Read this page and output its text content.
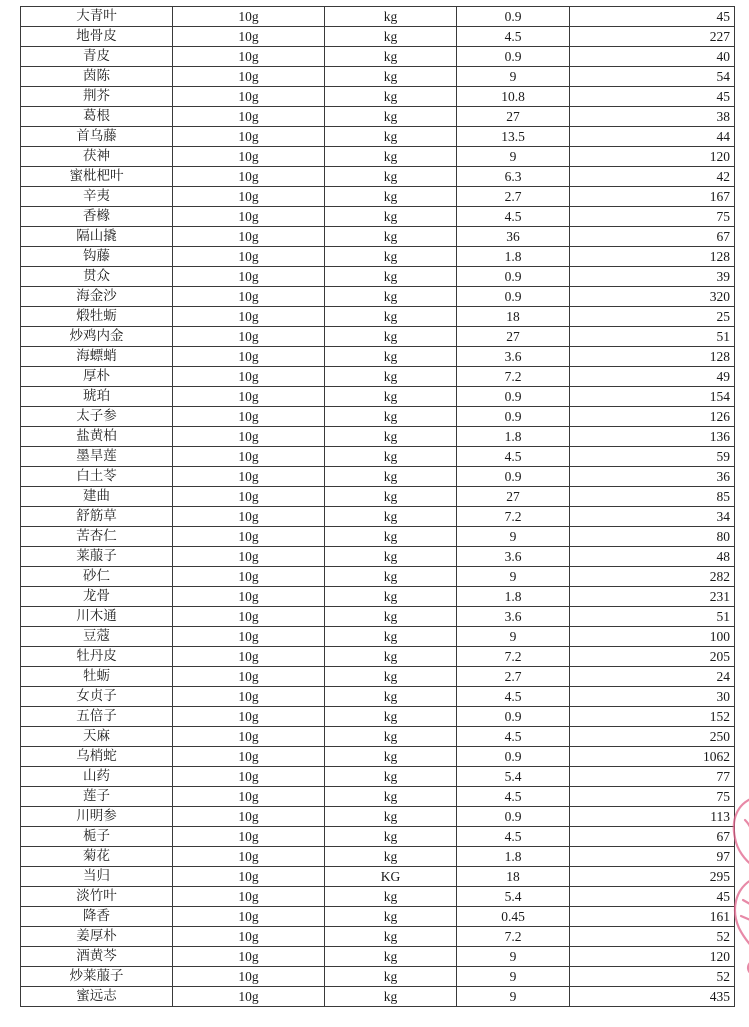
大青叶	10g	kg	0.9	45
地骨皮	10g	kg	4.5	227
青皮	10g	kg	0.9	40
茵陈	10g	kg	9	54
荆芥	10g	kg	10.8	45
葛根	10g	kg	27	38
首乌藤	10g	kg	13.5	44
茯神	10g	kg	9	120
蜜枇杷叶	10g	kg	6.3	42
辛夷	10g	kg	2.7	167
香橼	10g	kg	4.5	75
隔山撬	10g	kg	36	67
钩藤	10g	kg	1.8	128
贯众	10g	kg	0.9	39
海金沙	10g	kg	0.9	320
煅牡蛎	10g	kg	18	25
炒鸡内金	10g	kg	27	51
海螵蛸	10g	kg	3.6	128
厚朴	10g	kg	7.2	49
琥珀	10g	kg	0.9	154
太子参	10g	kg	0.9	126
盐黄柏	10g	kg	1.8	136
墨旱莲	10g	kg	4.5	59
白土苓	10g	kg	0.9	36
建曲	10g	kg	27	85
舒筋草	10g	kg	7.2	34
苦杏仁	10g	kg	9	80
莱菔子	10g	kg	3.6	48
砂仁	10g	kg	9	282
龙骨	10g	kg	1.8	231
川木通	10g	kg	3.6	51
豆蔻	10g	kg	9	100
牡丹皮	10g	kg	7.2	205
牡蛎	10g	kg	2.7	24
女贞子	10g	kg	4.5	30
五倍子	10g	kg	0.9	152
天麻	10g	kg	4.5	250
乌梢蛇	10g	kg	0.9	1062
山药	10g	kg	5.4	77
莲子	10g	kg	4.5	75
川明参	10g	kg	0.9	113
栀子	10g	kg	4.5	67
菊花	10g	kg	1.8	97
当归	10g	KG	18	295
淡竹叶	10g	kg	5.4	45
降香	10g	kg	0.45	161
姜厚朴	10g	kg	7.2	52
酒黄芩	10g	kg	9	120
炒莱菔子	10g	kg	9	52
蜜远志	10g	kg	9	435
